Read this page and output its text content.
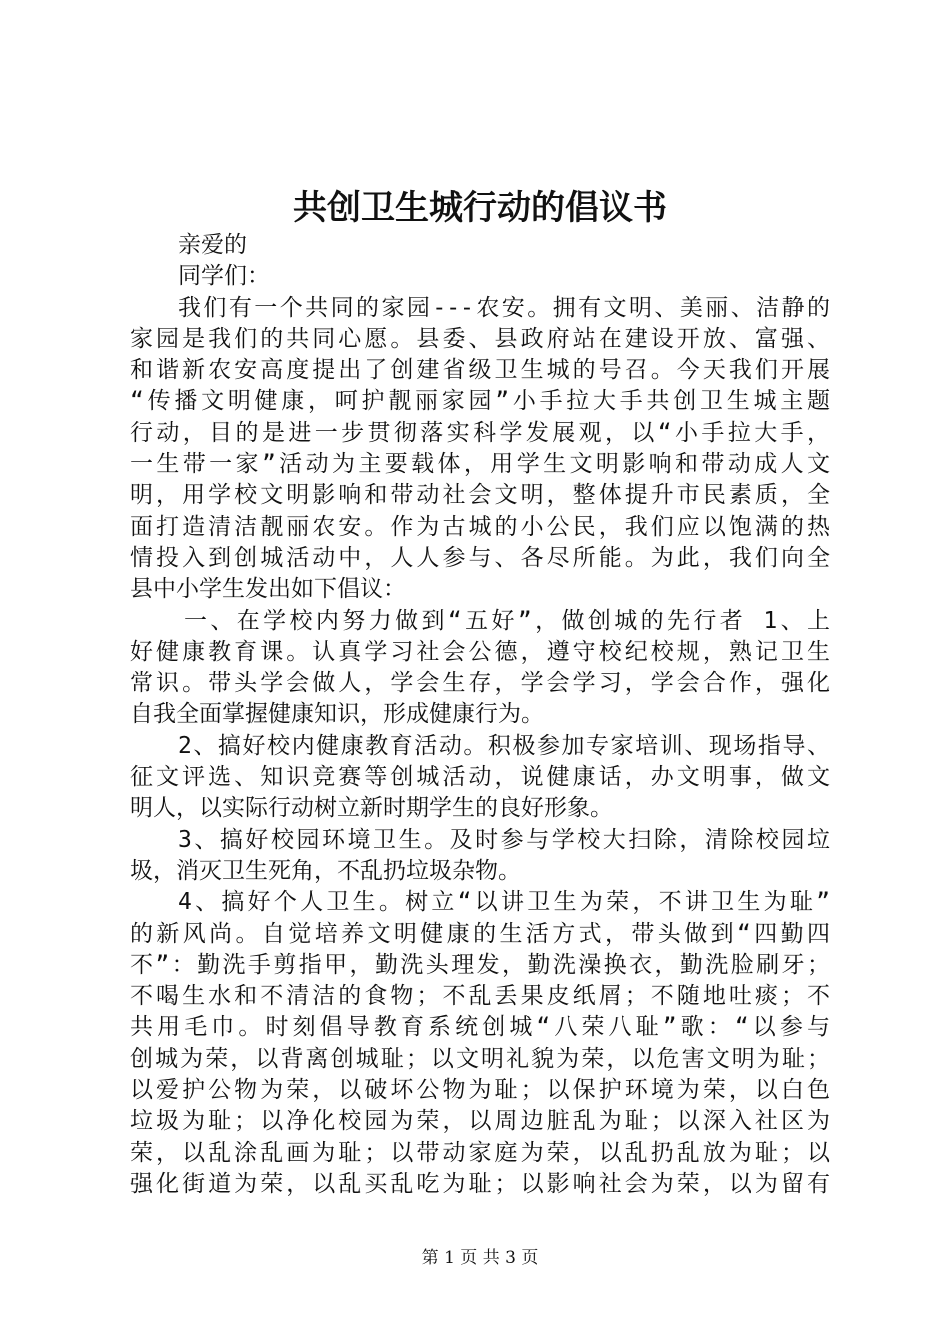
共创卫生城行动的倡议书
亲爱的
同学们：
我们有一个共同的家园---农安。拥有文明、美丽、洁静的
家园是我们的共同心愿。县委、县政府站在建设开放、富强、
和谐新农安高度提出了创建省级卫生城的号召。今天我们开展
“传播文明健康，呵护靓丽家园”小手拉大手共创卫生城主题
行动，目的是进一步贯彻落实科学发展观，以“小手拉大手，
一生带一家”活动为主要载体，用学生文明影响和带动成人文
明，用学校文明影响和带动社会文明，整体提升市民素质，全
面打造清洁靓丽农安。作为古城的小公民，我们应以饱满的热
情投入到创城活动中，人人参与、各尽所能。为此，我们向全
县中小学生发出如下倡议：
一、在学校内努力做到“五好”，做创城的先行者 1、上
好健康教育课。认真学习社会公德，遵守校纪校规，熟记卫生
常识。带头学会做人，学会生存，学会学习，学会合作，强化
自我全面掌握健康知识，形成健康行为。
2、搞好校内健康教育活动。积极参加专家培训、现场指导、
征文评选、知识竞赛等创城活动，说健康话，办文明事，做文
明人，以实际行动树立新时期学生的良好形象。
3、搞好校园环境卫生。及时参与学校大扫除，清除校园垃
圾，消灭卫生死角，不乱扔垃圾杂物。
4、搞好个人卫生。树立“以讲卫生为荣，不讲卫生为耻”
的新风尚。自觉培养文明健康的生活方式，带头做到“四勤四
不”：勤洗手剪指甲，勤洗头理发，勤洗澡换衣，勤洗脸刷牙；
不喝生水和不清洁的食物；不乱丢果皮纸屑；不随地吐痰；不
共用毛巾。时刻倡导教育系统创城“八荣八耻”歌：“以参与
创城为荣，以背离创城耻；以文明礼貌为荣，以危害文明为耻；
以爱护公物为荣，以破坏公物为耻；以保护环境为荣，以白色
垃圾为耻；以净化校园为荣，以周边脏乱为耻；以深入社区为
荣，以乱涂乱画为耻；以带动家庭为荣，以乱扔乱放为耻；以
强化街道为荣，以乱买乱吃为耻；以影响社会为荣，以为留有
第 1 页 共 3 页
